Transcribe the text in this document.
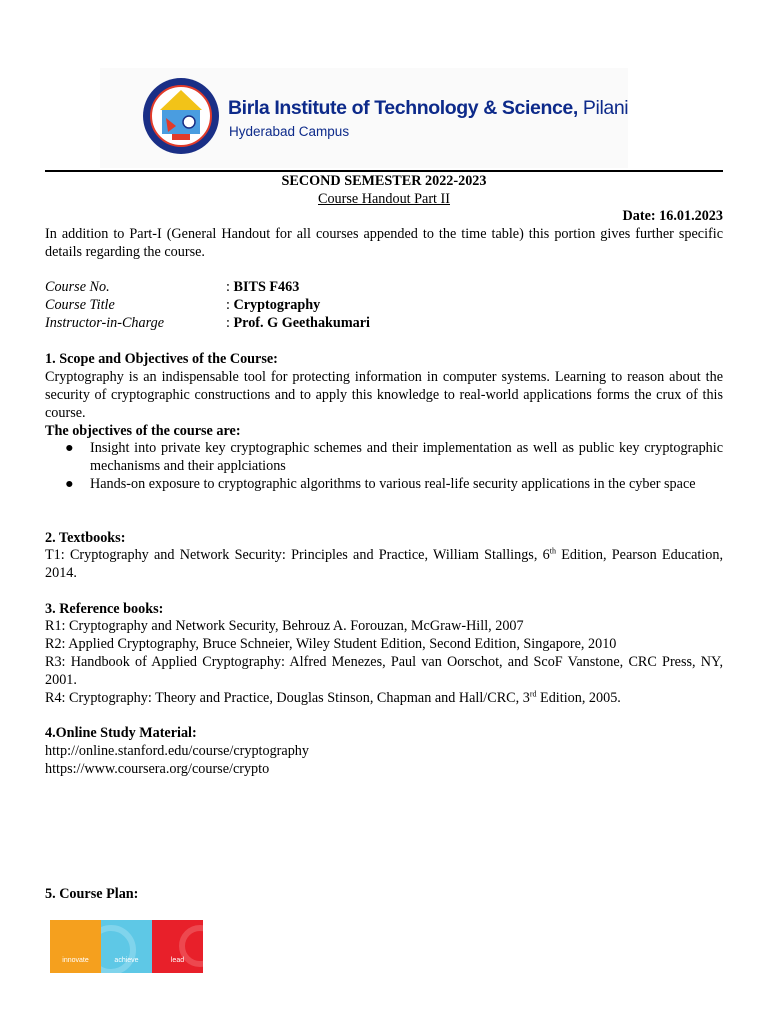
Birla Institute of Technology & Science, Pilani
Hyderabad Campus
SECOND SEMESTER 2022-2023
Course Handout Part II
Date: 16.01.2023
In addition to Part-I (General Handout for all courses appended to the time table) this portion gives further specific details regarding the course.
Course No.	: BITS F463
Course Title	: Cryptography
Instructor-in-Charge	: Prof. G Geethakumari
1. Scope and Objectives of the Course:
Cryptography is an indispensable tool for protecting information in computer systems. Learning to reason about the security of cryptographic constructions and to apply this knowledge to real-world applications forms the crux of this course.
The objectives of the course are:
● Insight into private key cryptographic schemes and their implementation as well as public key cryptographic mechanisms and their applciations
● Hands-on exposure to cryptographic algorithms to various real-life security applications in the cyber space
2. Textbooks:
T1: Cryptography and Network Security: Principles and Practice, William Stallings, 6th Edition, Pearson Education, 2014.
3. Reference books:
R1: Cryptography and Network Security, Behrouz A. Forouzan, McGraw-Hill, 2007
R2: Applied Cryptography, Bruce Schneier, Wiley Student Edition, Second Edition, Singapore, 2010
R3: Handbook of Applied Cryptography: Alfred Menezes, Paul van Oorschot, and ScoF Vanstone, CRC Press, NY, 2001.
R4: Cryptography: Theory and Practice, Douglas Stinson, Chapman and Hall/CRC, 3rd Edition, 2005.
4.Online Study Material:
http://online.stanford.edu/course/cryptography
https://www.coursera.org/course/crypto
5. Course Plan:
innovate	achieve	lead
